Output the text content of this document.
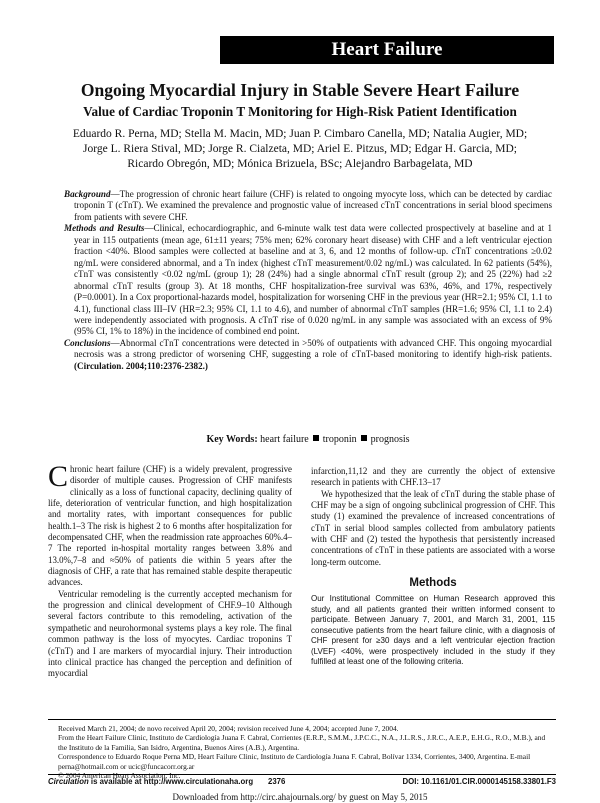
Heart Failure
Ongoing Myocardial Injury in Stable Severe Heart Failure
Value of Cardiac Troponin T Monitoring for High-Risk Patient Identification
Eduardo R. Perna, MD; Stella M. Macin, MD; Juan P. Cimbaro Canella, MD; Natalia Augier, MD;
Jorge L. Riera Stival, MD; Jorge R. Cialzeta, MD; Ariel E. Pitzus, MD; Edgar H. Garcia, MD;
Ricardo Obregón, MD; Mónica Brizuela, BSc; Alejandro Barbagelata, MD

Background—The progression of chronic heart failure (CHF) is related to ongoing myocyte loss, which can be detected by cardiac troponin T (cTnT). We examined the prevalence and prognostic value of increased cTnT concentrations in serial blood specimens from patients with severe CHF.

Methods and Results—Clinical, echocardiographic, and 6-minute walk test data were collected prospectively at baseline and at 1 year in 115 outpatients (mean age, 61±11 years; 75% men; 62% coronary heart disease) with CHF and a left ventricular ejection fraction <40%. Blood samples were collected at baseline and at 3, 6, and 12 months of follow-up. cTnT concentrations ≥0.02 ng/mL were considered abnormal, and a Tn index (highest cTnT measurement/0.02 ng/mL) was calculated. In 62 patients (54%), cTnT was consistently <0.02 ng/mL (group 1); 28 (24%) had a single abnormal cTnT result (group 2); and 25 (22%) had ≥2 abnormal cTnT results (group 3). At 18 months, CHF hospitalization-free survival was 63%, 46%, and 17%, respectively (P=0.0001). In a Cox proportional-hazards model, hospitalization for worsening CHF in the previous year (HR=2.1; 95% CI, 1.1 to 4.1), functional class III–IV (HR=2.3; 95% CI, 1.1 to 4.6), and number of abnormal cTnT samples (HR=1.6; 95% CI, 1.1 to 2.4) were independently associated with prognosis. A cTnT rise of 0.020 ng/mL in any sample was associated with an excess of 9% (95% CI, 1% to 18%) in the incidence of combined end point.

Conclusions—Abnormal cTnT concentrations were detected in >50% of outpatients with advanced CHF. This ongoing myocardial necrosis was a strong predictor of worsening CHF, suggesting a role of cTnT-based monitoring to identify high-risk patients. (Circulation. 2004;110:2376-2382.)

Key Words: heart failure troponin prognosis

Chronic heart failure (CHF) is a widely prevalent, progressive disorder of multiple causes. Progression of CHF manifests clinically as a loss of functional capacity, declining quality of life, deterioration of ventricular function, and high hospitalization and mortality rates, with important consequences for public health.1–3 The risk is highest 2 to 6 months after hospitalization for decompensated CHF, when the readmission rate approaches 60%.4–7 The reported in-hospital mortality ranges between 3.8% and 13.0%,7–8 and ≈50% of patients die within 5 years after the diagnosis of CHF, a rate that has remained stable despite therapeutic advances.

Ventricular remodeling is the currently accepted mechanism for the progression and clinical development of CHF.9–10 Although several factors contribute to this remodeling, activation of the sympathetic and neurohormonal systems plays a key role. The final common pathway is the loss of myocytes. Cardiac troponins T (cTnT) and I are markers of myocardial injury. Their introduction into clinical practice has changed the perception and definition of myocardial

infarction,11,12 and they are currently the object of extensive research in patients with CHF.13–17

We hypothesized that the leak of cTnT during the stable phase of CHF may be a sign of ongoing subclinical progression of CHF. This study (1) examined the prevalence of increased concentrations of cTnT in serial blood samples collected from ambulatory patients with CHF and (2) tested the hypothesis that persistently increased concentrations of cTnT in these patients are associated with a worse long-term outcome.

Methods

Our Institutional Committee on Human Research approved this study, and all patients granted their written informed consent to participate. Between January 7, 2001, and March 31, 2001, 115 consecutive patients from the heart failure clinic, with a diagnosis of CHF present for ≥30 days and a left ventricular ejection fraction (LVEF) <40%, were prospectively included in the study if they fulfilled at least one of the following criteria.

Received March 21, 2004; de novo received April 20, 2004; revision received June 4, 2004; accepted June 7, 2004.

From the Heart Failure Clinic, Instituto de Cardiología Juana F. Cabral, Corrientes (E.R.P., S.M.M., J.P.C.C., N.A., J.L.R.S., J.R.C., A.E.P., E.H.G., R.O., M.B.), and the Instituto de la Familia, San Isidro, Argentina, Buenos Aires (A.B.), Argentina.

Correspondence to Eduardo Roque Perna MD, Heart Failure Clinic, Instituto de Cardiología Juana F. Cabral, Bolívar 1334, Corrientes, 3400, Argentina. E-mail perna@hotmail.com or ucic@funcacorr.org.ar

© 2004 American Heart Association, Inc.

Circulation is available at http://www.circulationaha.org 2376	DOI: 10.1161/01.CIR.0000145158.33801.F3
Downloaded from http://circ.ahajournals.org/ by guest on May 5, 2015
